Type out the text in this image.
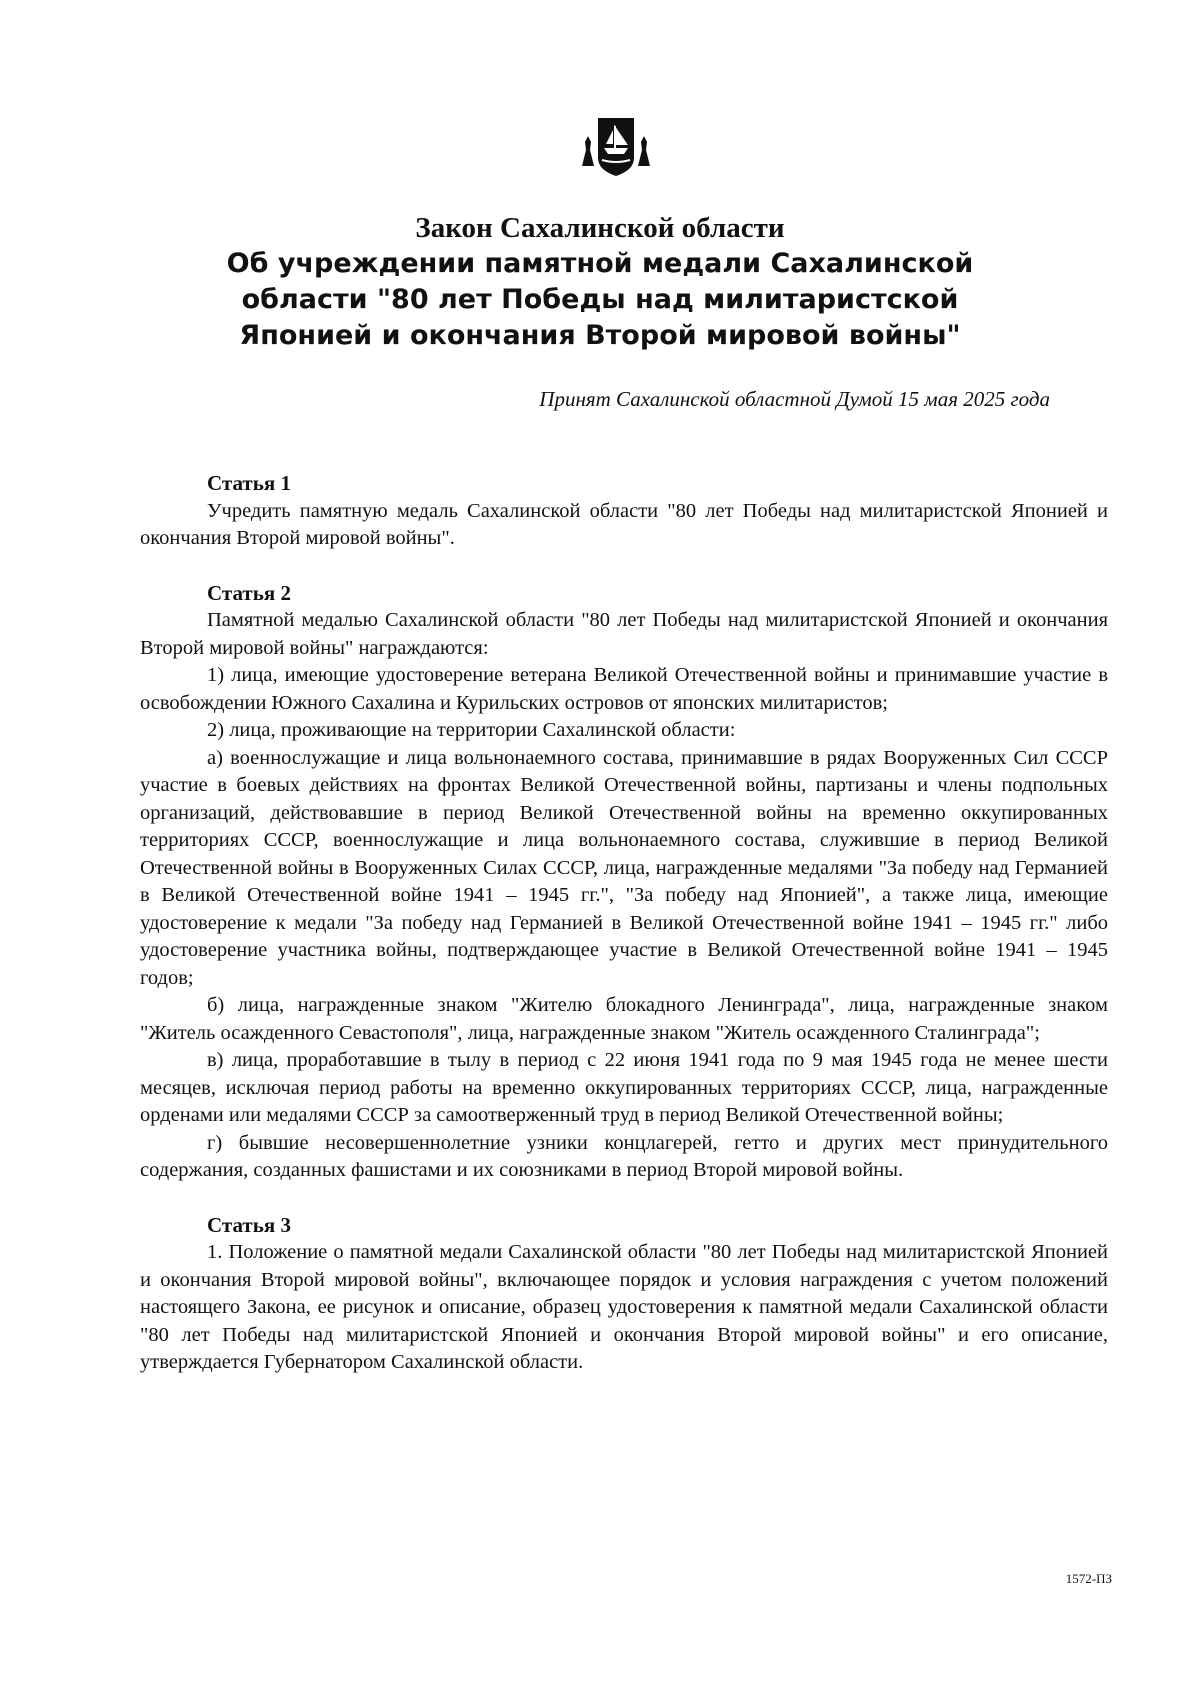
Закон Сахалинской области

Об учреждении памятной медали Сахалинской

области "80 лет Победы над милитаристской

Японией и окончания Второй мировой войны"

Принят Сахалинской областной Думой 15 мая 2025 года

Статья 1

Учредить памятную медаль Сахалинской области "80 лет Победы над милитаристской Японией и окончания Второй мировой войны".

Статья 2

Памятной медалью Сахалинской области "80 лет Победы над милитаристской Японией и окончания Второй мировой войны" награждаются:

1) лица, имеющие удостоверение ветерана Великой Отечественной войны и принимавшие участие в освобождении Южного Сахалина и Курильских островов от японских милитаристов;

2) лица, проживающие на территории Сахалинской области:

а) военнослужащие и лица вольнонаемного состава, принимавшие в рядах Вооруженных Сил СССР участие в боевых действиях на фронтах Великой Отечественной войны, партизаны и члены подпольных организаций, действовавшие в период Великой Отечественной войны на временно оккупированных территориях СССР, военнослужащие и лица вольнонаемного состава, служившие в период Великой Отечественной войны в Вооруженных Силах СССР, лица, награжденные медалями "За победу над Германией в Великой Отечественной войне 1941 – 1945 гг.", "За победу над Японией", а также лица, имеющие удостоверение к медали "За победу над Германией в Великой Отечественной войне 1941 – 1945 гг." либо удостоверение участника войны, подтверждающее участие в Великой Отечественной войне 1941 – 1945 годов;

б) лица, награжденные знаком "Жителю блокадного Ленинграда", лица, награжденные знаком "Житель осажденного Севастополя", лица, награжденные знаком "Житель осажденного Сталинграда";

в) лица, проработавшие в тылу в период с 22 июня 1941 года по 9 мая 1945 года не менее шести месяцев, исключая период работы на временно оккупированных территориях СССР, лица, награжденные орденами или медалями СССР за самоотверженный труд в период Великой Отечественной войны;

г) бывшие несовершеннолетние узники концлагерей, гетто и других мест принудительного содержания, созданных фашистами и их союзниками в период Второй мировой войны.

Статья 3

1. Положение о памятной медали Сахалинской области "80 лет Победы над милитаристской Японией и окончания Второй мировой войны", включающее порядок и условия награждения с учетом положений настоящего Закона, ее рисунок и описание, образец удостоверения к памятной медали Сахалинской области "80 лет Победы над милитаристской Японией и окончания Второй мировой войны" и его описание, утверждается Губернатором Сахалинской области.

1572-ПЗ
